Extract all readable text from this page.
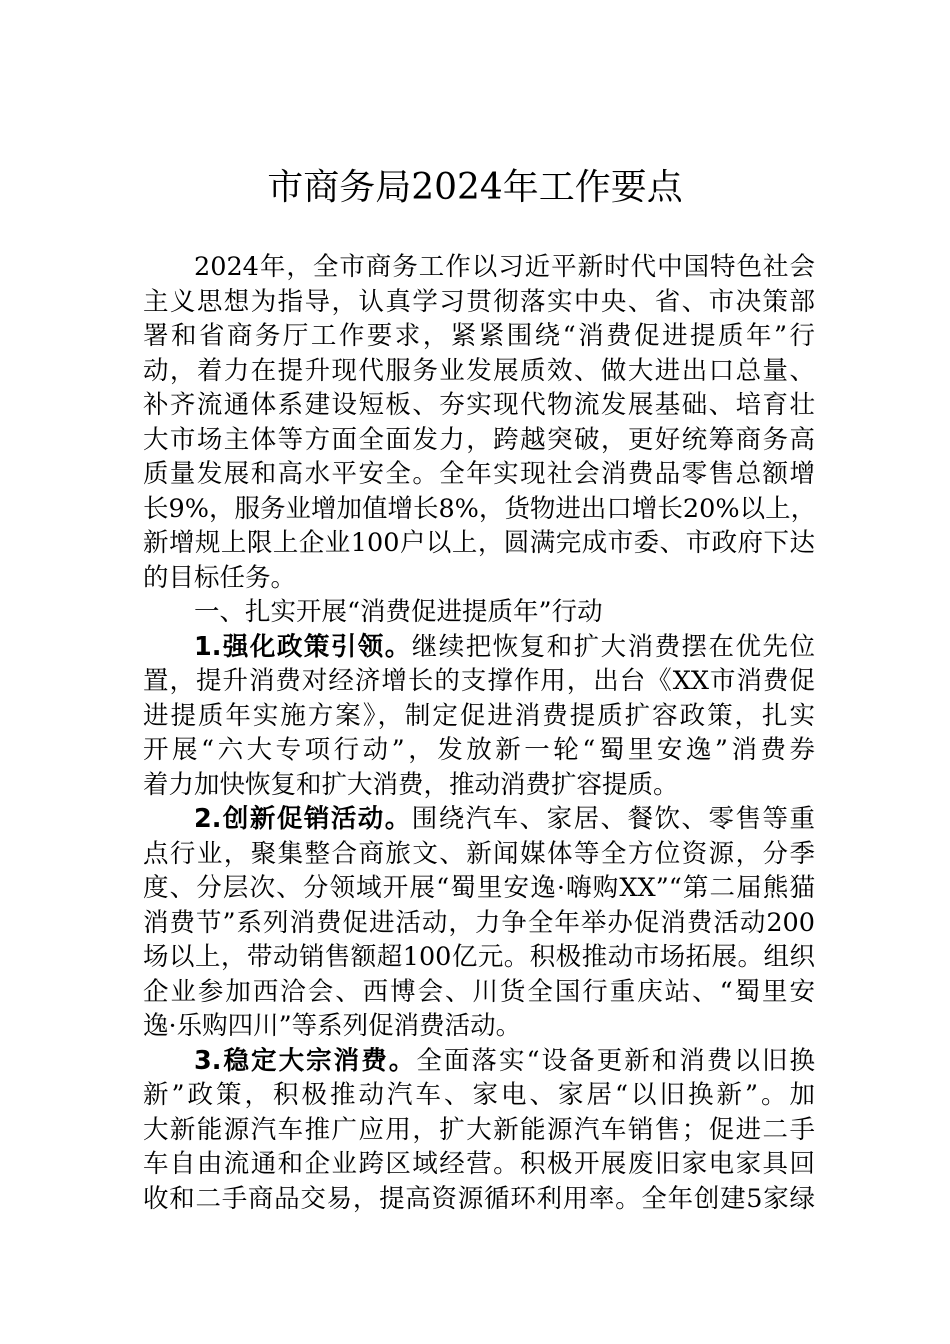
市商务局2024年工作要点
2024年，全市商务工作以习近平新时代中国特色社会
主义思想为指导，认真学习贯彻落实中央、省、市决策部
署和省商务厅工作要求，紧紧围绕“消费促进提质年”行
动，着力在提升现代服务业发展质效、做大进出口总量、
补齐流通体系建设短板、夯实现代物流发展基础、培育壮
大市场主体等方面全面发力，跨越突破，更好统筹商务高
质量发展和高水平安全。全年实现社会消费品零售总额增
长9%，服务业增加值增长8%，货物进出口增长20%以上，
新增规上限上企业100户以上，圆满完成市委、市政府下达
的目标任务。
一、扎实开展“消费促进提质年”行动
1.强化政策引领。继续把恢复和扩大消费摆在优先位
置，提升消费对经济增长的支撑作用，出台《XX市消费促
进提质年实施方案》，制定促进消费提质扩容政策，扎实
开展“六大专项行动”，发放新一轮“蜀里安逸”消费券
着力加快恢复和扩大消费，推动消费扩容提质。
2.创新促销活动。围绕汽车、家居、餐饮、零售等重
点行业，聚集整合商旅文、新闻媒体等全方位资源，分季
度、分层次、分领域开展“蜀里安逸·嗨购XX”“第二届熊猫
消费节”系列消费促进活动，力争全年举办促消费活动200
场以上，带动销售额超100亿元。积极推动市场拓展。组织
企业参加西洽会、西博会、川货全国行重庆站、“蜀里安
逸·乐购四川”等系列促消费活动。
3.稳定大宗消费。全面落实“设备更新和消费以旧换
新”政策，积极推动汽车、家电、家居“以旧换新”。加
大新能源汽车推广应用，扩大新能源汽车销售；促进二手
车自由流通和企业跨区域经营。积极开展废旧家电家具回
收和二手商品交易，提高资源循环利用率。全年创建5家绿
